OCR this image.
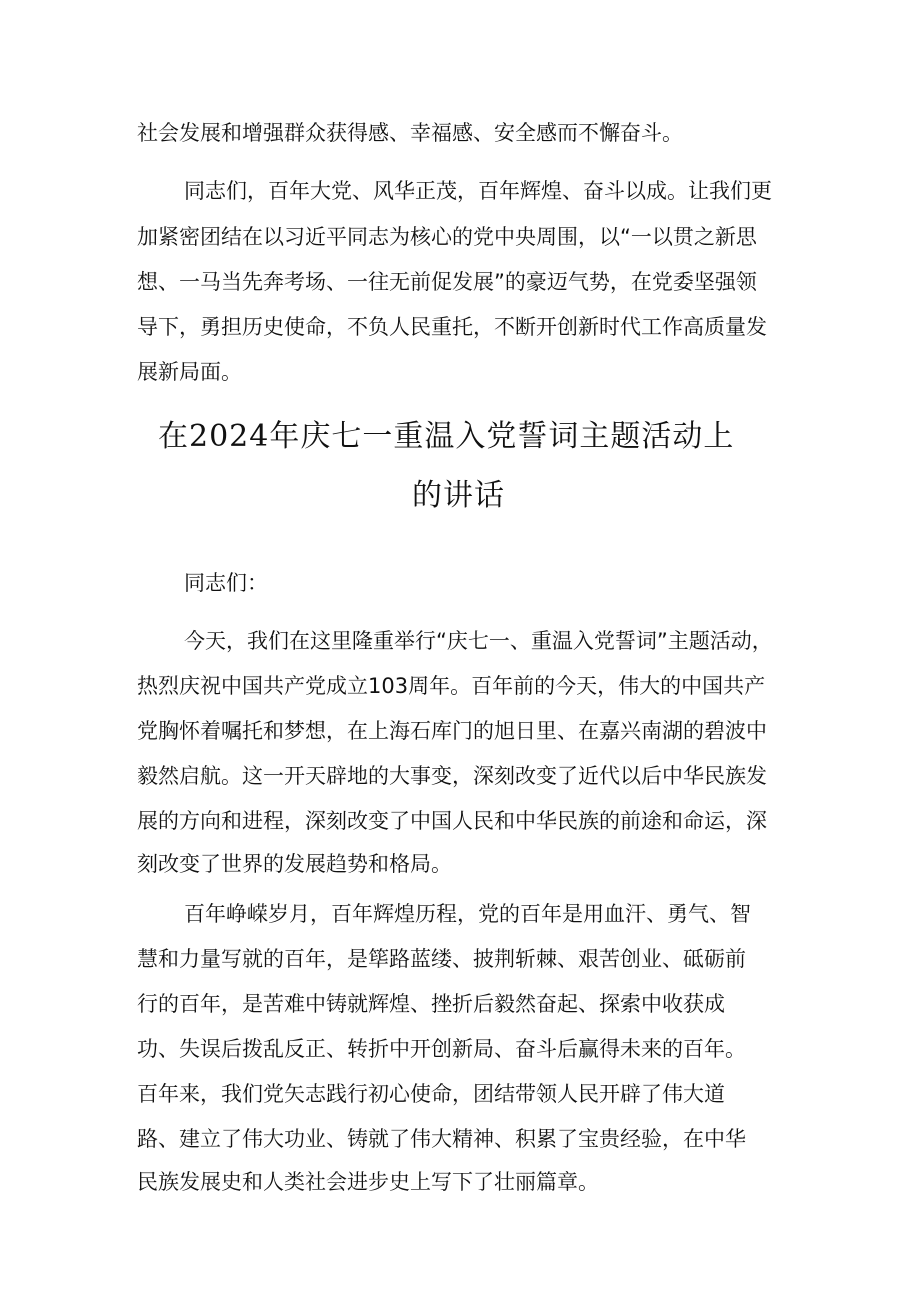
社会发展和增强群众获得感、幸福感、安全感而不懈奋斗。
同志们，百年大党、风华正茂，百年辉煌、奋斗以成。让我们更
加紧密团结在以习近平同志为核心的党中央周围，以“一以贯之新思
想、一马当先奔考场、一往无前促发展”的豪迈气势，在党委坚强领
导下，勇担历史使命，不负人民重托，不断开创新时代工作高质量发
展新局面。
在2024年庆七一重温入党誓词主题活动上
的讲话
同志们：
今天，我们在这里隆重举行“庆七一、重温入党誓词”主题活动，
热烈庆祝中国共产党成立103周年。百年前的今天，伟大的中国共产
党胸怀着嘱托和梦想，在上海石库门的旭日里、在嘉兴南湖的碧波中
毅然启航。这一开天辟地的大事变，深刻改变了近代以后中华民族发
展的方向和进程，深刻改变了中国人民和中华民族的前途和命运，深
刻改变了世界的发展趋势和格局。
百年峥嵘岁月，百年辉煌历程，党的百年是用血汗、勇气、智
慧和力量写就的百年，是筚路蓝缕、披荆斩棘、艰苦创业、砥砺前
行的百年，是苦难中铸就辉煌、挫折后毅然奋起、探索中收获成
功、失误后拨乱反正、转折中开创新局、奋斗后赢得未来的百年。
百年来，我们党矢志践行初心使命，团结带领人民开辟了伟大道
路、建立了伟大功业、铸就了伟大精神、积累了宝贵经验，在中华
民族发展史和人类社会进步史上写下了壮丽篇章。
